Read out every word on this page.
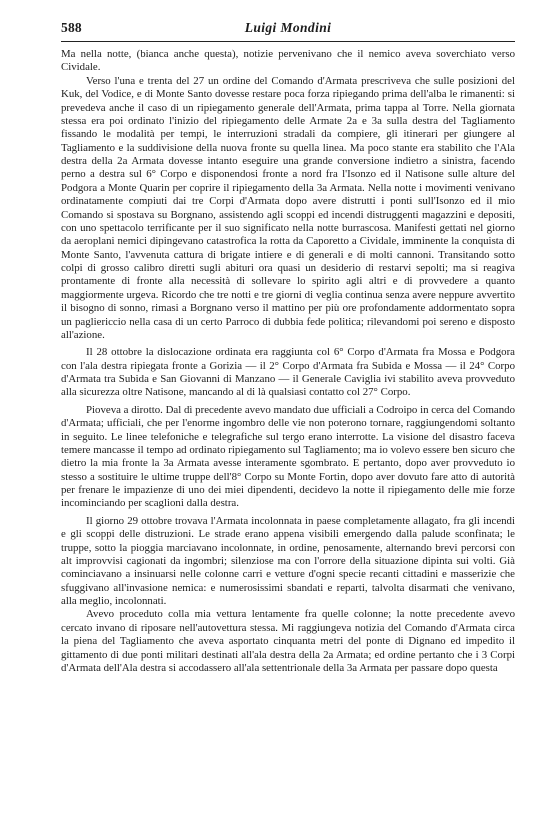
588	Luigi Mondini

Ma nella notte, (bianca anche questa), notizie pervenivano che il nemico aveva soverchiato verso Cividale.

Verso l'una e trenta del 27 un ordine del Comando d'Armata prescriveva che sulle posizioni del Kuk, del Vodice, e di Monte Santo dovesse restare poca forza ripiegando prima dell'alba le rimanenti: si prevedeva anche il caso di un ripiegamento generale dell'Armata, prima tappa al Torre. Nella giornata stessa era poi ordinato l'inizio del ripiegamento delle Armate 2a e 3a sulla destra del Tagliamento fissando le modalità per tempi, le interruzioni stradali da compiere, gli itinerari per giungere al Tagliamento e la suddivisione della nuova fronte su quella linea. Ma poco stante era stabilito che l'Ala destra della 2a Armata dovesse intanto eseguire una grande conversione indietro a sinistra, facendo perno a destra sul 6° Corpo e disponendosi fronte a nord fra l'Isonzo ed il Natisone sulle alture del Podgora a Monte Quarin per coprire il ripiegamento della 3a Armata. Nella notte i movimenti venivano ordinatamente compiuti dai tre Corpi d'Armata dopo avere distrutti i ponti sull'Isonzo ed il mio Comando si spostava su Borgnano, assistendo agli scoppi ed incendi distruggenti magazzini e depositi, con uno spettacolo terrificante per il suo significato nella notte burrascosa. Manifesti gettati nel giorno da aeroplani nemici dipingevano catastrofica la rotta da Caporetto a Cividale, imminente la conquista di Monte Santo, l'avvenuta cattura di brigate intiere e di generali e di molti cannoni. Transitando sotto colpi di grosso calibro diretti sugli abituri ora quasi un desiderio di restarvi sepolti; ma si reagiva prontamente di fronte alla necessità di sollevare lo spirito agli altri e di provvedere a quanto maggiormente urgeva. Ricordo che tre notti e tre giorni di veglia continua senza avere neppure avvertito il bisogno di sonno, rimasi a Borgnano verso il mattino per più ore profondamente addormentato sopra un pagliericcio nella casa di un certo Parroco di dubbia fede politica; rilevandomi poi sereno e disposto all'azione.

Il 28 ottobre la dislocazione ordinata era raggiunta col 6° Corpo d'Armata fra Mossa e Podgora con l'ala destra ripiegata fronte a Gorizia — il 2° Corpo d'Armata fra Subida e Mossa — il 24° Corpo d'Armata tra Subida e San Giovanni di Manzano — il Generale Caviglia ivi stabilito aveva provveduto alla sicurezza oltre Natisone, mancando al di là qualsiasi contatto col 27° Corpo.

Pioveva a dirotto. Dal dì precedente avevo mandato due ufficiali a Codroipo in cerca del Comando d'Armata; ufficiali, che per l'enorme ingombro delle vie non poterono tornare, raggiungendomi soltanto in seguito. Le linee telefoniche e telegrafiche sul tergo erano interrotte. La visione del disastro faceva temere mancasse il tempo ad ordinato ripiegamento sul Tagliamento; ma io volevo essere ben sicuro che dietro la mia fronte la 3a Armata avesse interamente sgombrato. E pertanto, dopo aver provveduto io stesso a sostituire le ultime truppe dell'8° Corpo su Monte Fortin, dopo aver dovuto fare atto di autorità per frenare le impazienze di uno dei miei dipendenti, decidevo la notte il ripiegamento delle mie forze incominciando per scaglioni dalla destra.

Il giorno 29 ottobre trovava l'Armata incolonnata in paese completamente allagato, fra gli incendi e gli scoppi delle distruzioni. Le strade erano appena visibili emergendo dalla palude sconfinata; le truppe, sotto la pioggia marciavano incolonnate, in ordine, penosamente, alternando brevi percorsi con alt improvvisi cagionati da ingombri; silenziose ma con l'orrore della situazione dipinta sui volti. Già cominciavano a insinuarsi nelle colonne carri e vetture d'ogni specie recanti cittadini e masserizie che sfuggivano all'invasione nemica: e numerosissimi sbandati e reparti, talvolta disarmati che venivano, alla meglio, incolonnati.

Avevo proceduto colla mia vettura lentamente fra quelle colonne; la notte precedente avevo cercato invano di riposare nell'autovettura stessa. Mi raggiungeva notizia del Comando d'Armata circa la piena del Tagliamento che aveva asportato cinquanta metri del ponte di Dignano ed impedito il gittamento di due ponti militari destinati all'ala destra della 2a Armata; ed ordine pertanto che i 3 Corpi d'Armata dell'Ala destra si accodassero all'ala settentrionale della 3a Armata per passare dopo questa
